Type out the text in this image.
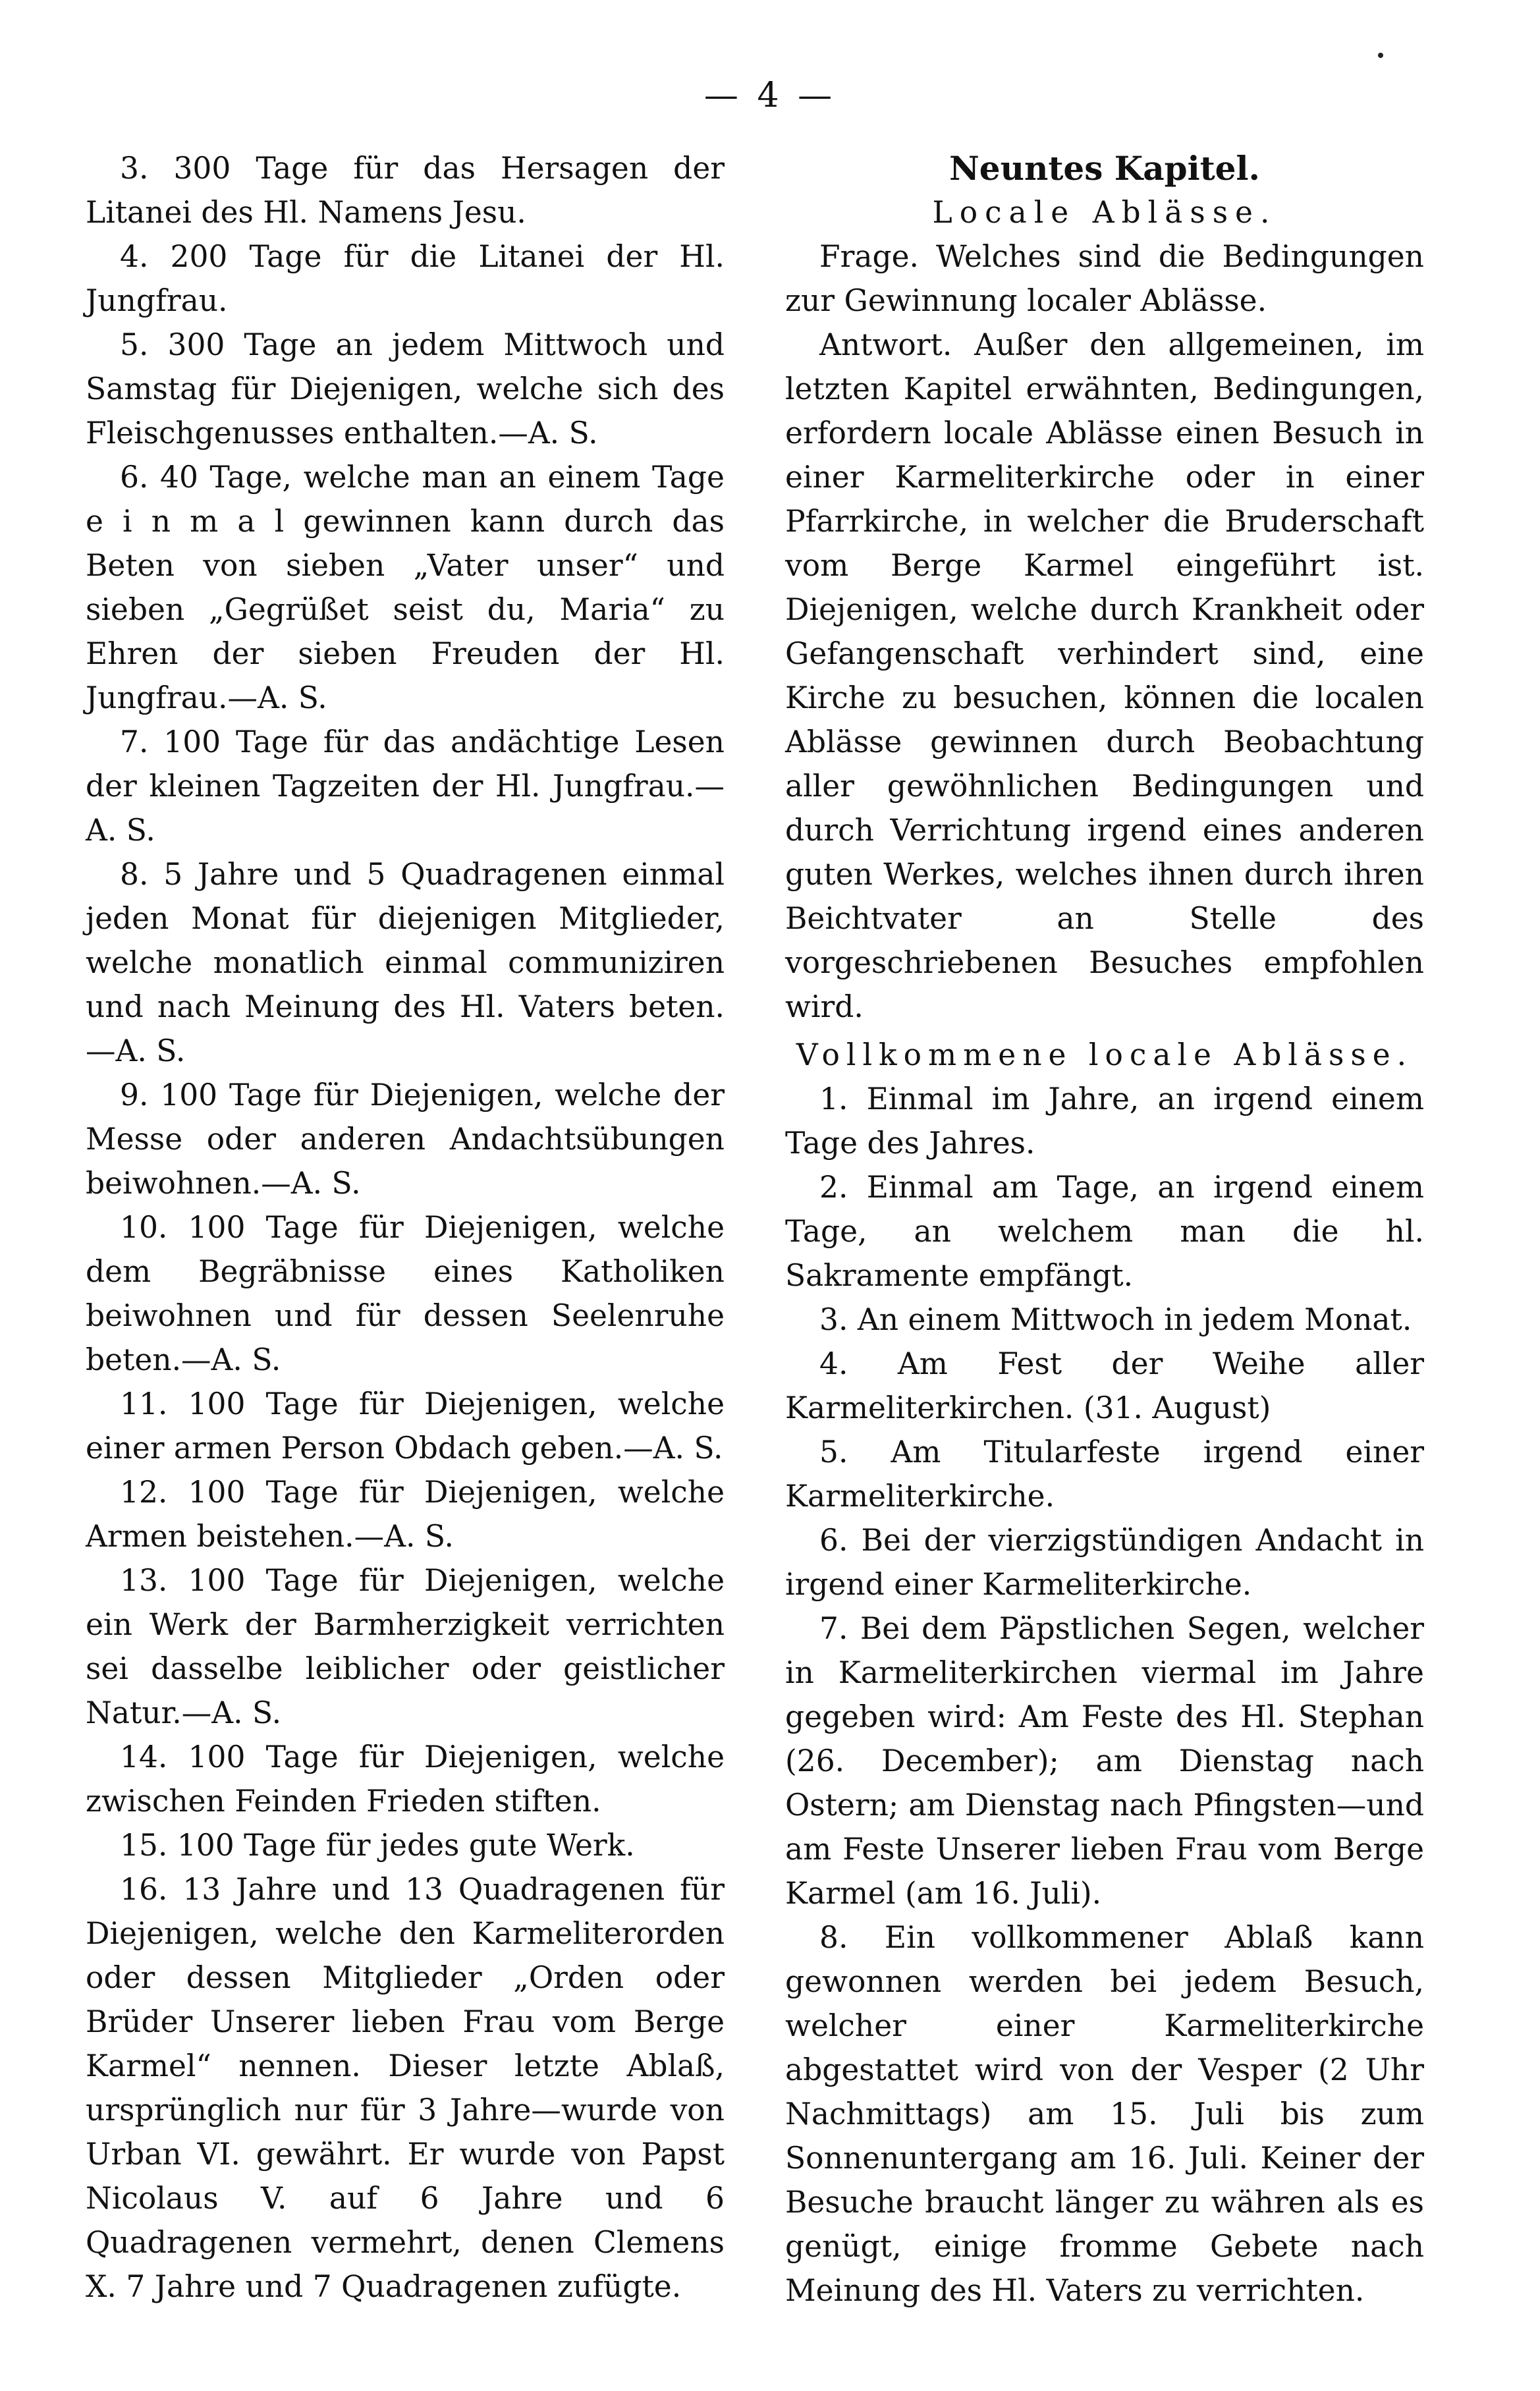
— 4 —

3. 300 Tage für das Hersagen der Litanei des Hl. Namens Jesu.

4. 200 Tage für die Litanei der Hl. Jungfrau.

5. 300 Tage an jedem Mittwoch und Samstag für Diejenigen, welche sich des Fleischgenusses enthalten.—A. S.

6. 40 Tage, welche man an einem Tage e i n m a l gewinnen kann durch das Beten von sieben „Vater unser“ und sieben „Gegrüßet seist du, Maria“ zu Ehren der sieben Freuden der Hl. Jungfrau.—A. S.

7. 100 Tage für das andächtige Lesen der kleinen Tagzeiten der Hl. Jungfrau.—A. S.

8. 5 Jahre und 5 Quadragenen einmal jeden Monat für diejenigen Mitglieder, welche monatlich einmal communiziren und nach Meinung des Hl. Vaters beten.—A. S.

9. 100 Tage für Diejenigen, welche der Messe oder anderen Andachtsübungen beiwohnen.—A. S.

10. 100 Tage für Diejenigen, welche dem Begräbnisse eines Katholiken beiwohnen und für dessen Seelenruhe beten.—A. S.

11. 100 Tage für Diejenigen, welche einer armen Person Obdach geben.—A. S.

12. 100 Tage für Diejenigen, welche Armen beistehen.—A. S.

13. 100 Tage für Diejenigen, welche ein Werk der Barmherzigkeit verrichten sei dasselbe leiblicher oder geistlicher Natur.—A. S.

14. 100 Tage für Diejenigen, welche zwischen Feinden Frieden stiften.

15. 100 Tage für jedes gute Werk.

16. 13 Jahre und 13 Quadragenen für Diejenigen, welche den Karmeliterorden oder dessen Mitglieder „Orden oder Brüder Unserer lieben Frau vom Berge Karmel“ nennen. Dieser letzte Ablaß, ursprünglich nur für 3 Jahre—wurde von Urban VI. gewährt. Er wurde von Papst Nicolaus V. auf 6 Jahre und 6 Quadragenen vermehrt, denen Clemens X. 7 Jahre und 7 Quadragenen zufügte.

Neuntes Kapitel.
Locale Ablässe.

Frage. Welches sind die Bedingungen zur Gewinnung localer Ablässe.

Antwort. Außer den allgemeinen, im letzten Kapitel erwähnten, Bedingungen, erfordern locale Ablässe einen Besuch in einer Karmeliterkirche oder in einer Pfarrkirche, in welcher die Bruderschaft vom Berge Karmel eingeführt ist. Diejenigen, welche durch Krankheit oder Gefangenschaft verhindert sind, eine Kirche zu besuchen, können die localen Ablässe gewinnen durch Beobachtung aller gewöhnlichen Bedingungen und durch Verrichtung irgend eines anderen guten Werkes, welches ihnen durch ihren Beichtvater an Stelle des vorgeschriebenen Besuches empfohlen wird.

Vollkommene locale Ablässe.

1. Einmal im Jahre, an irgend einem Tage des Jahres.

2. Einmal am Tage, an irgend einem Tage, an welchem man die hl. Sakramente empfängt.

3. An einem Mittwoch in jedem Monat.

4. Am Fest der Weihe aller Karmeliterkirchen. (31. August)

5. Am Titularfeste irgend einer Karmeliterkirche.

6. Bei der vierzigstündigen Andacht in irgend einer Karmeliterkirche.

7. Bei dem Päpstlichen Segen, welcher in Karmeliterkirchen viermal im Jahre gegeben wird: Am Feste des Hl. Stephan (26. December); am Dienstag nach Ostern; am Dienstag nach Pfingsten—und am Feste Unserer lieben Frau vom Berge Karmel (am 16. Juli).

8. Ein vollkommener Ablaß kann gewonnen werden bei jedem Besuch, welcher einer Karmeliterkirche abgestattet wird von der Vesper (2 Uhr Nachmittags) am 15. Juli bis zum Sonnenuntergang am 16. Juli. Keiner der Besuche braucht länger zu währen als es genügt, einige fromme Gebete nach Meinung des Hl. Vaters zu verrichten.
